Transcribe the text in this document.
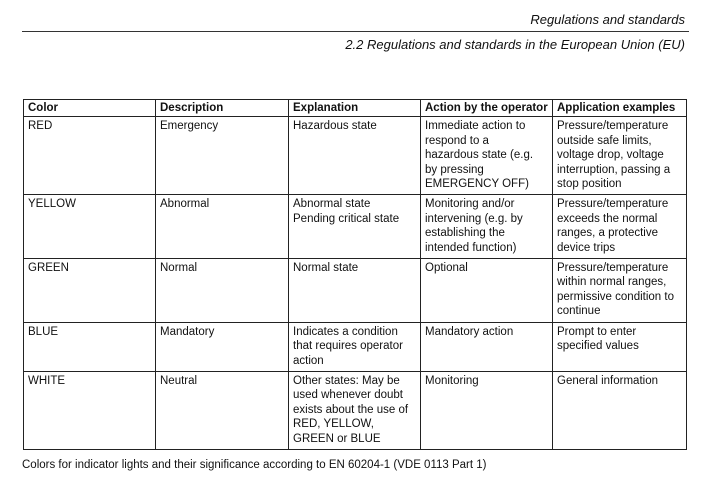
Regulations and standards
2.2 Regulations and standards in the European Union (EU)
Color	Description	Explanation	Action by the operator	Application examples
RED	Emergency	Hazardous state	Immediate action to
respond to a
hazardous state (e.g.
by pressing
EMERGENCY OFF)	Pressure/temperature
outside safe limits,
voltage drop, voltage
interruption, passing a
stop position
YELLOW	Abnormal	Abnormal state
Pending critical state	Monitoring and/or
intervening (e.g. by
establishing the
intended function)	Pressure/temperature
exceeds the normal
ranges, a protective
device trips
GREEN	Normal	Normal state	Optional	Pressure/temperature
within normal ranges,
permissive condition to
continue
BLUE	Mandatory	Indicates a condition
that requires operator
action	Mandatory action	Prompt to enter
specified values
WHITE	Neutral	Other states: May be
used whenever doubt
exists about the use of
RED, YELLOW,
GREEN or BLUE	Monitoring	General information
Colors for indicator lights and their significance according to EN 60204-1 (VDE 0113 Part 1)
